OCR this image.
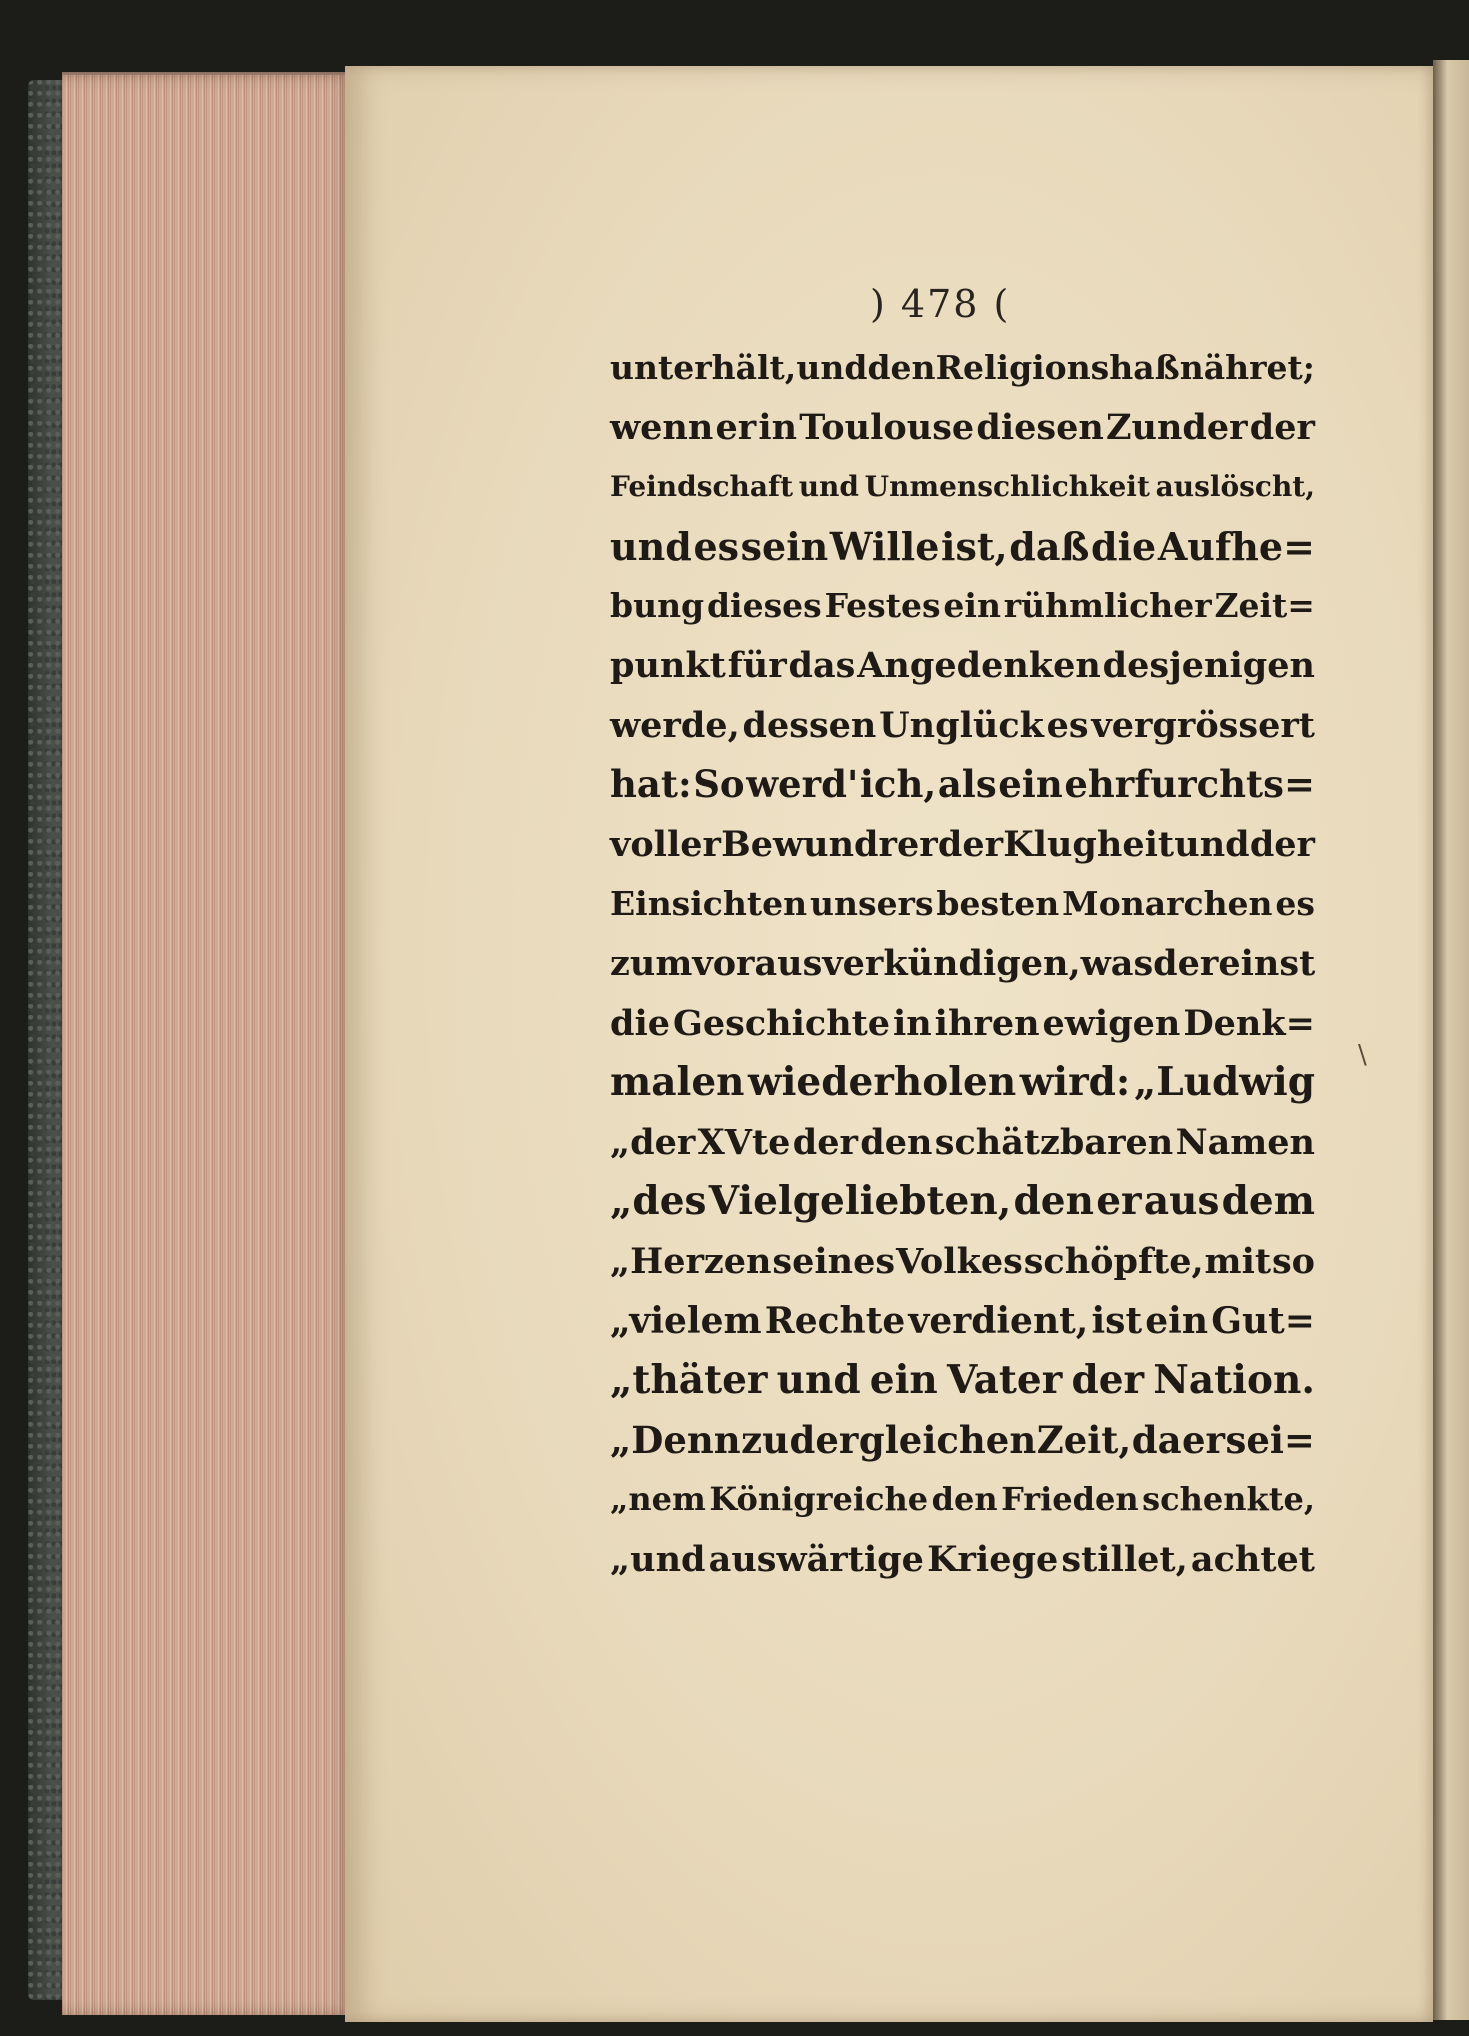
) 478 (
unterhält, und den Religionshaß nähret;
wenn er in Toulouse diesen Zunder der
Feindschaft und Unmenschlichkeit auslöscht,
und es sein Wille ist, daß die Aufhe=
bung dieses Festes ein rühmlicher Zeit=
punkt für das Angedenken desjenigen
werde, dessen Unglück es vergrössert
hat: So werd' ich, als ein ehrfurchts=
voller Bewundrer der Klugheit und der
Einsichten unsers besten Monarchen es
zum voraus verkündigen, was dereinst
die Geschichte in ihren ewigen Denk=
malen wiederholen wird: „Ludwig
„der XVte der den schätzbaren Namen
„des Vielgeliebten, den er aus dem
„Herzen seines Volkes schöpfte, mit so
„vielem Rechte verdient, ist ein Gut=
„thäter und ein Vater der Nation.
„Denn zu der gleichen Zeit, da er sei=
„nem Königreiche den Frieden schenkte,
„und auswärtige Kriege stillet, achtet
\
